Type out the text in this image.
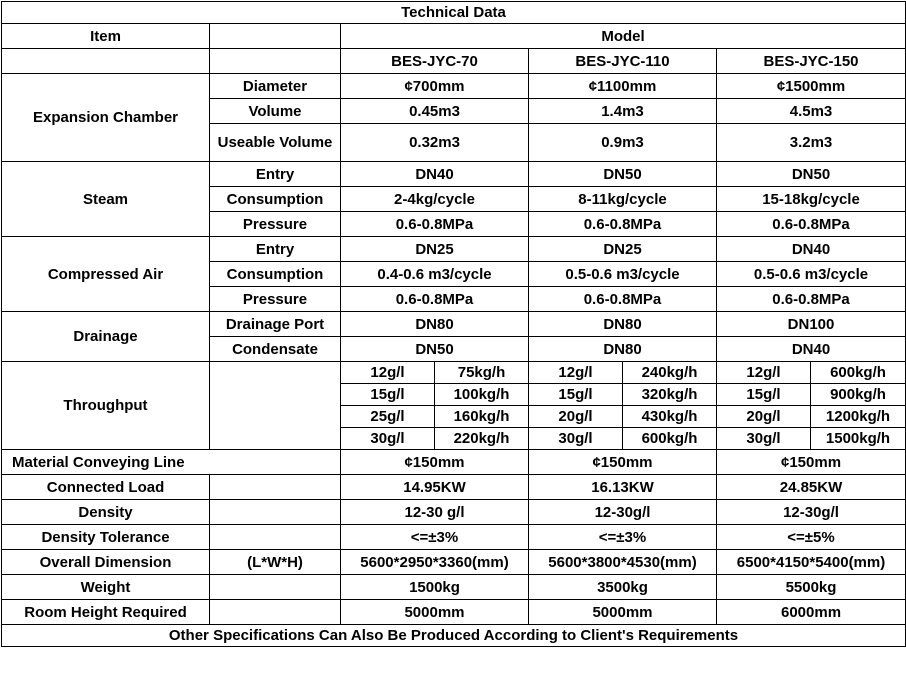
Technical Data							
Item		Model					
		BES-JYC-70		BES-JYC-110		BES-JYC-150	
Expansion Chamber	Diameter	¢700mm		¢1100mm		¢1500mm	
	Volume	0.45m3		1.4m3		4.5m3	
	Useable Volume	0.32m3		0.9m3		3.2m3	
Steam	Entry	DN40		DN50		DN50	
	Consumption	2-4kg/cycle		8-11kg/cycle		15-18kg/cycle	
	Pressure	0.6-0.8MPa		0.6-0.8MPa		0.6-0.8MPa	
Compressed Air	Entry	DN25		DN25		DN40	
	Consumption	0.4-0.6 m3/cycle		0.5-0.6 m3/cycle		0.5-0.6 m3/cycle	
	Pressure	0.6-0.8MPa		0.6-0.8MPa		0.6-0.8MPa	
Drainage	Drainage Port	DN80		DN80		DN100	
	Condensate	DN50		DN80		DN40	
Throughput		12g/l	75kg/h	12g/l	240kg/h	12g/l	600kg/h
		15g/l	100kg/h	15g/l	320kg/h	15g/l	900kg/h
		25g/l	160kg/h	20g/l	430kg/h	20g/l	1200kg/h
		30g/l	220kg/h	30g/l	600kg/h	30g/l	1500kg/h
Material Conveying Line		¢150mm		¢150mm		¢150mm	
Connected Load		14.95KW		16.13KW		24.85KW	
Density		12-30 g/l		12-30g/l		12-30g/l	
Density Tolerance		<=±3%		<=±3%		<=±5%	
Overall Dimension	(L*W*H)	5600*2950*3360(mm)		5600*3800*4530(mm)		6500*4150*5400(mm)	
Weight		1500kg		3500kg		5500kg	
Room Height Required		5000mm		5000mm		6000mm	
Other Specifications Can Also Be Produced According to Client's Requirements							
